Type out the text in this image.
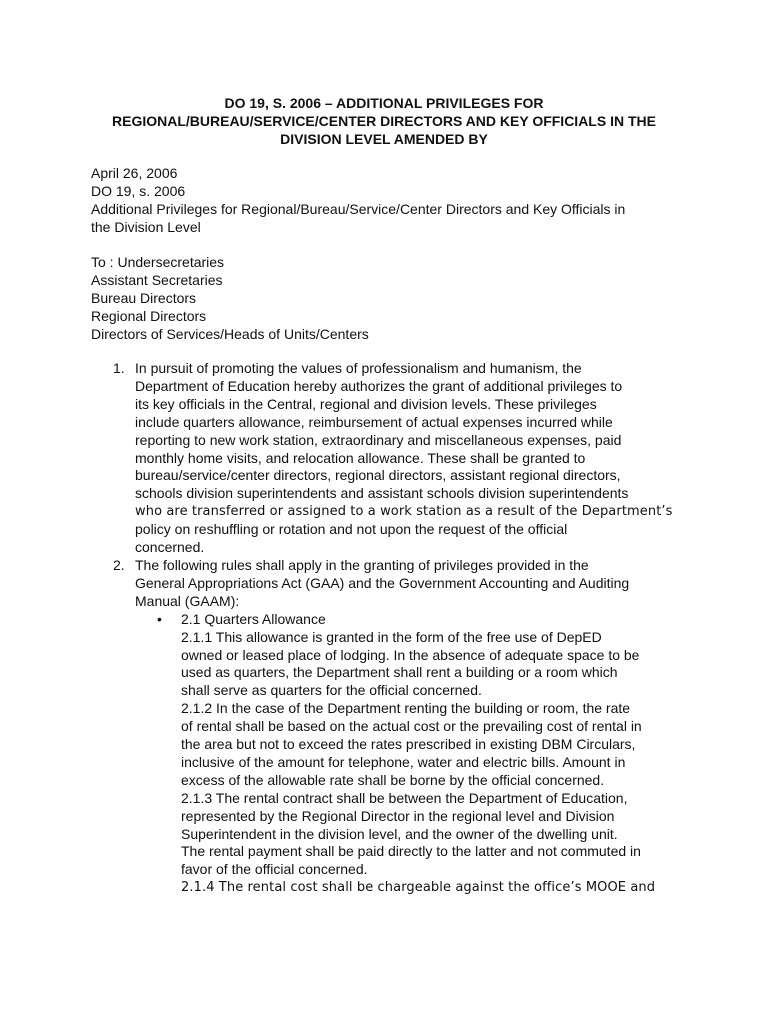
DO 19, S. 2006 – ADDITIONAL PRIVILEGES FOR
REGIONAL/BUREAU/SERVICE/CENTER DIRECTORS AND KEY OFFICIALS IN THE
DIVISION LEVEL AMENDED BY
April 26, 2006
DO 19, s. 2006
Additional Privileges for Regional/Bureau/Service/Center Directors and Key Officials in
the Division Level
To : Undersecretaries
Assistant Secretaries
Bureau Directors
Regional Directors
Directors of Services/Heads of Units/Centers
1. In pursuit of promoting the values of professionalism and humanism, the
Department of Education hereby authorizes the grant of additional privileges to
its key officials in the Central, regional and division levels. These privileges
include quarters allowance, reimbursement of actual expenses incurred while
reporting to new work station, extraordinary and miscellaneous expenses, paid
monthly home visits, and relocation allowance. These shall be granted to
bureau/service/center directors, regional directors, assistant regional directors,
schools division superintendents and assistant schools division superintendents
who are transferred or assigned to a work station as a result of the Department’s
policy on reshuffling or rotation and not upon the request of the official
concerned.
2. The following rules shall apply in the granting of privileges provided in the
General Appropriations Act (GAA) and the Government Accounting and Auditing
Manual (GAAM):
• 2.1 Quarters Allowance
2.1.1 This allowance is granted in the form of the free use of DepED
owned or leased place of lodging. In the absence of adequate space to be
used as quarters, the Department shall rent a building or a room which
shall serve as quarters for the official concerned.
2.1.2 In the case of the Department renting the building or room, the rate
of rental shall be based on the actual cost or the prevailing cost of rental in
the area but not to exceed the rates prescribed in existing DBM Circulars,
inclusive of the amount for telephone, water and electric bills. Amount in
excess of the allowable rate shall be borne by the official concerned.
2.1.3 The rental contract shall be between the Department of Education,
represented by the Regional Director in the regional level and Division
Superintendent in the division level, and the owner of the dwelling unit.
The rental payment shall be paid directly to the latter and not commuted in
favor of the official concerned.
2.1.4 The rental cost shall be chargeable against the office’s MOOE and
